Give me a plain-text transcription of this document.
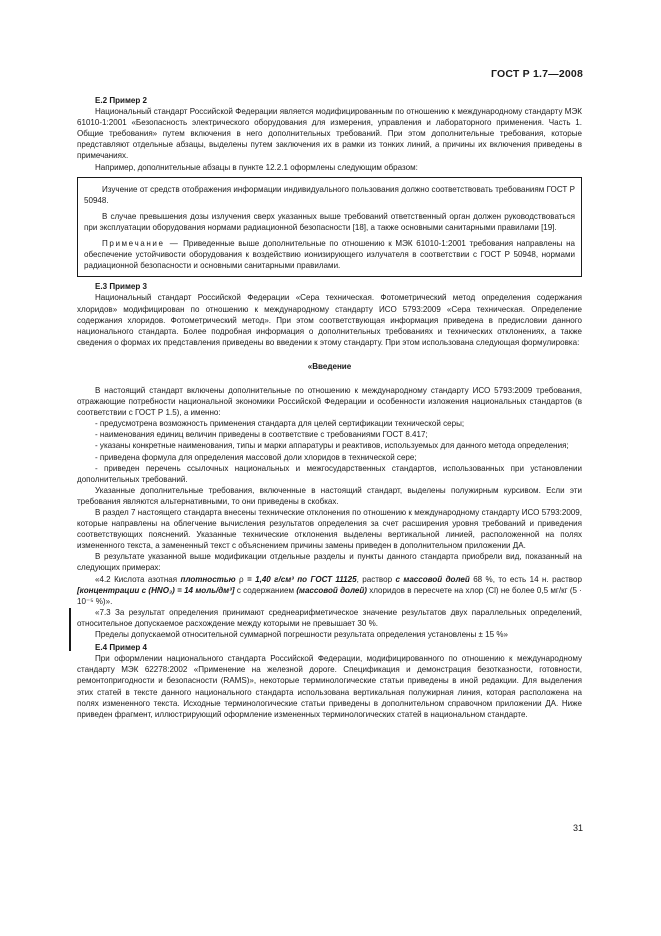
ГОСТ Р 1.7—2008

Е.2 Пример 2

Национальный стандарт Российской Федерации является модифицированным по отношению к международному стандарту МЭК 61010-1:2001 «Безопасность электрического оборудования для измерения, управления и лабораторного применения. Часть 1. Общие требования» путем включения в него дополнительных требований. При этом дополнительные требования, которые представляют отдельные абзацы, выделены путем заключения их в рамки из тонких линий, а причины их включения приведены в примечаниях.

Например, дополнительные абзацы в пункте 12.2.1 оформлены следующим образом:

Изучение от средств отображения информации индивидуального пользования должно соответствовать требованиям ГОСТ Р 50948.

В случае превышения дозы излучения сверх указанных выше требований ответственный орган должен руководствоваться при эксплуатации оборудования нормами радиационной безопасности [18], а также основными санитарными правилами [19].

Примечание — Приведенные выше дополнительные по отношению к МЭК 61010-1:2001 требования направлены на обеспечение устойчивости оборудования к воздействию ионизирующего излучателя в соответствии с ГОСТ Р 50948, нормами радиационной безопасности и основными санитарными правилами.

Е.3 Пример 3

Национальный стандарт Российской Федерации «Сера техническая. Фотометрический метод определения содержания хлоридов» модифицирован по отношению к международному стандарту ИСО 5793:2009 «Сера техническая. Определение содержания хлоридов. Фотометрический метод». При этом соответствующая информация приведена в предисловии данного национального стандарта. Более подробная информация о дополнительных требованиях и технических отклонениях, а также сведения о формах их представления приведены во введении к этому стандарту. При этом использована следующая формулировка:

«Введение

В настоящий стандарт включены дополнительные по отношению к международному стандарту ИСО 5793:2009 требования, отражающие потребности национальной экономики Российской Федерации и особенности изложения национальных стандартов (в соответствии с ГОСТ Р 1.5), а именно:

- предусмотрена возможность применения стандарта для целей сертификации технической серы;

- наименования единиц величин приведены в соответствие с требованиями ГОСТ 8.417;

- указаны конкретные наименования, типы и марки аппаратуры и реактивов, используемых для данного метода определения;

- приведена формула для определения массовой доли хлоридов в технической сере;

- приведен перечень ссылочных национальных и межгосударственных стандартов, использованных при установлении дополнительных требований.

Указанные дополнительные требования, включенные в настоящий стандарт, выделены полужирным курсивом. Если эти требования являются альтернативными, то они приведены в скобках.

В раздел 7 настоящего стандарта внесены технические отклонения по отношению к международному стандарту ИСО 5793:2009, которые направлены на облегчение вычисления результатов определения за счет расширения уровня требований и приведения соответствующих пояснений. Указанные технические отклонения выделены вертикальной линией, расположенной на полях измененного текста, а замененный текст с объяснением причины замены приведен в дополнительном приложении ДА.

В результате указанной выше модификации отдельные разделы и пункты данного стандарта приобрели вид, показанный на следующих примерах:

«4.2 Кислота азотная плотностью ρ = 1,40 г/см³ по ГОСТ 11125, раствор с массовой долей 68 %, то есть 14 н. раствор [концентрации с (HNO₃) = 14 моль/дм³] с содержанием (массовой долей) хлоридов в пересчете на хлор (Cl) не более 0,5 мг/кг (5 · 10⁻⁵ %)».

«7.3 За результат определения принимают среднеарифметическое значение результатов двух параллельных определений, относительное допускаемое расхождение между которыми не превышает 30 %.

Пределы допускаемой относительной суммарной погрешности результата определения установлены ± 15 %»

Е.4 Пример 4

При оформлении национального стандарта Российской Федерации, модифицированного по отношению к международному стандарту МЭК 62278:2002 «Применение на железной дороге. Спецификация и демонстрация безотказности, готовности, ремонтопригодности и безопасности (RAMS)», некоторые терминологические статьи приведены в иной редакции. Для выделения этих статей в тексте данного национального стандарта использована вертикальная полужирная линия, которая расположена на полях измененного текста. Исходные терминологические статьи приведены в дополнительном справочном приложении ДА. Ниже приведен фрагмент, иллюстрирующий оформление измененных терминологических статей в национальном стандарте.

31
